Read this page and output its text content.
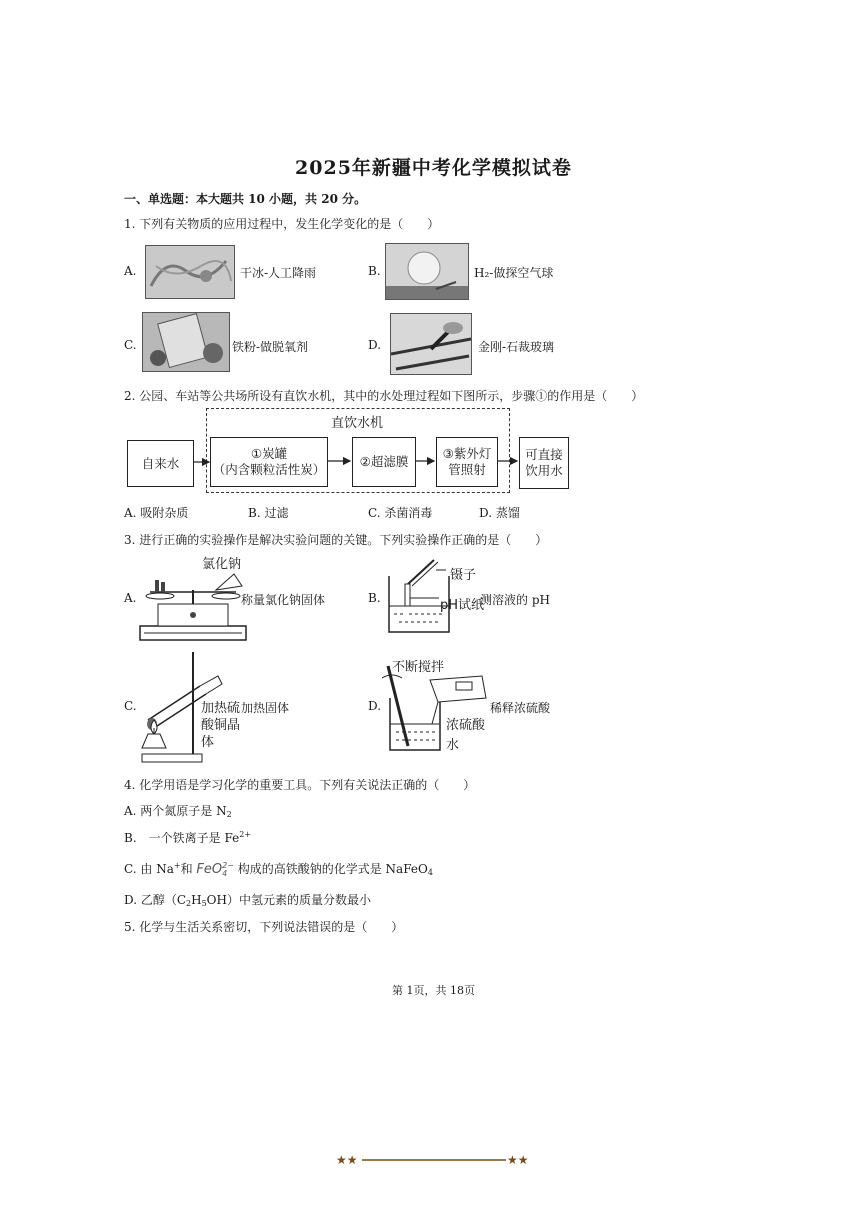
2025年新疆中考化学模拟试卷
一、单选题：本大题共 10 小题，共 20 分。
1. 下列有关物质的应用过程中，发生化学变化的是（　　）
A.	干冰-人工降雨	B.	H₂-做探空气球
C.	铁粉-做脱氧剂	D.	金刚-石裁玻璃
2. 公园、车站等公共场所设有直饮水机，其中的水处理过程如下图所示，步骤①的作用是（　　）
直饮水机
自来水
①炭罐
（内含颗粒活性炭）
②超滤膜
③紫外灯
管照射
可直接
饮用水
A. 吸附杂质	B. 过滤	C. 杀菌消毒	D. 蒸馏
3. 进行正确的实验操作是解决实验问题的关键。下列实验操作正确的是（　　）
A.
氯化钠
称量氯化钠固体	B.
镊子
pH试纸
测溶液的 pH
C.	加热硫
酸铜晶
体
加热固体	D.
不断搅拌
浓硫酸
水
稀释浓硫酸
4. 化学用语是学习化学的重要工具。下列有关说法正确的（　　）
A. 两个氮原子是 $N_2$
B.　一个铁离子是 $Fe^{2+}$
C. 由 Na+和 FeO 2−
4 构成的高铁酸钠的化学式是 NaFeO$_4$
D. 乙醇$(C_2H_5OH)$中氢元素的质量分数最小
5. 化学与生活关系密切，下列说法错误的是（　　）
第 1页，共 18页
★★	★★
